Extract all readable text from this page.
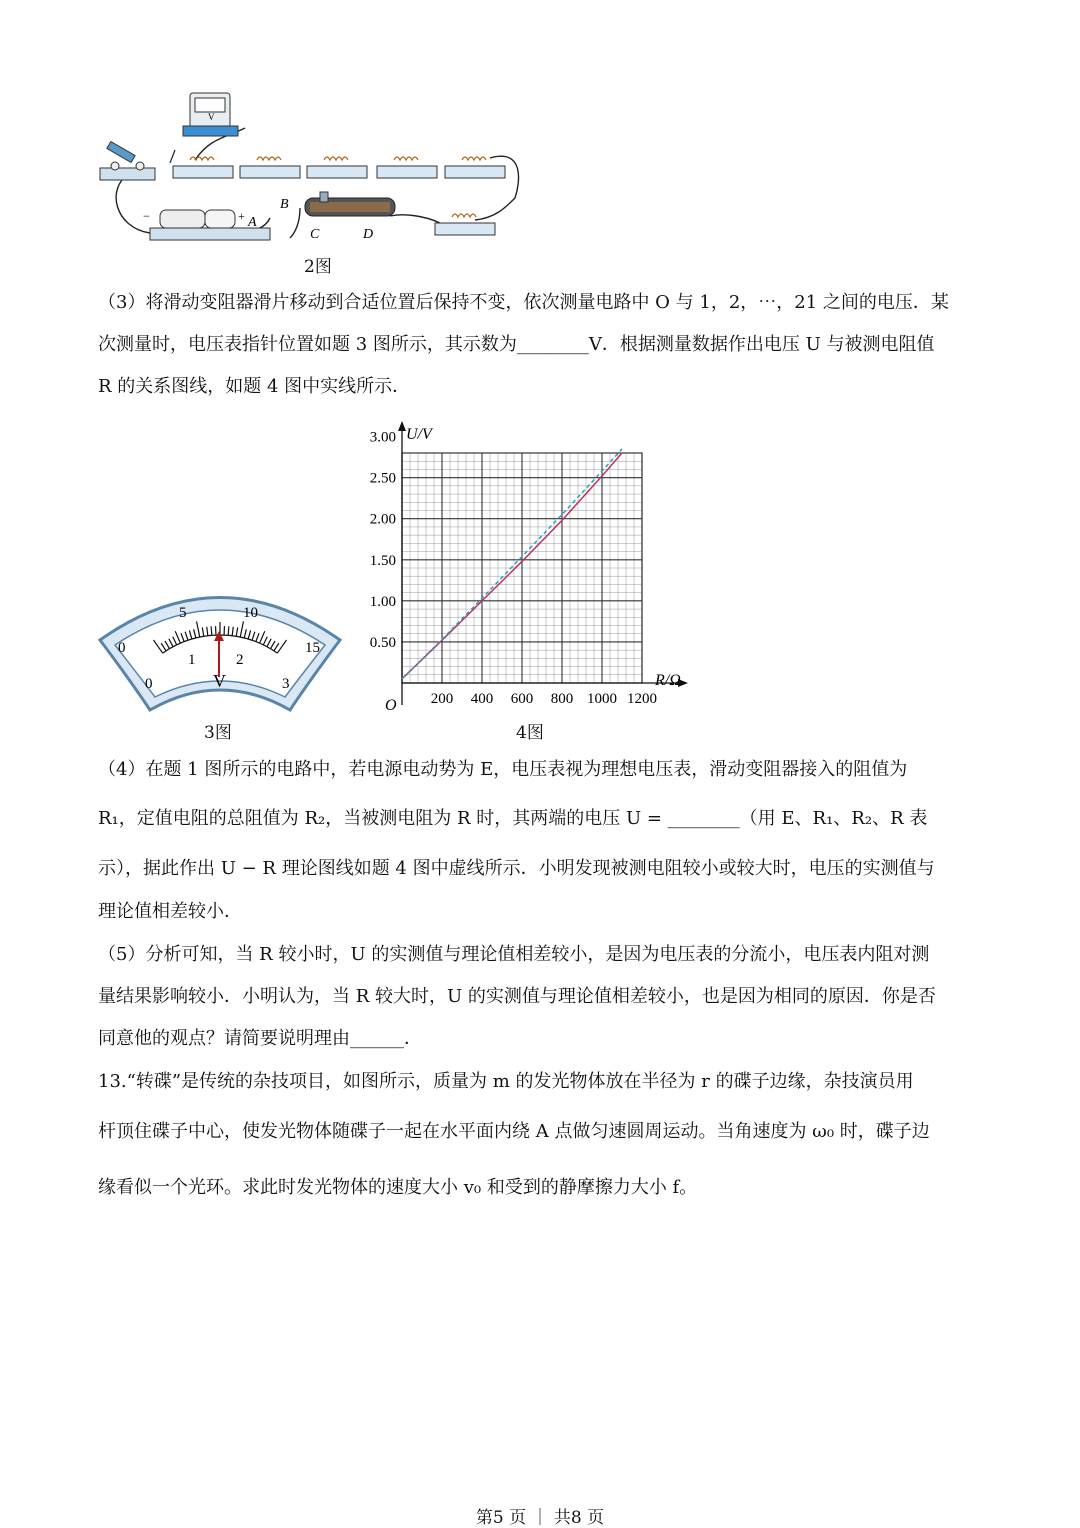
V
−	+ A
B
C	D
2图
（3）将滑动变阻器滑片移动到合适位置后保持不变，依次测量电路中 O 与 1，2，⋯，21 之间的电压．某
次测量时，电压表指针位置如题 3 图所示，其示数为________V．根据测量数据作出电压 U 与被测电阻值
R 的关系图线，如题 4 图中实线所示．
0
5	10
15
0
1	2
3
V
3图
200 400 600 800 1000 1200
0.50
1.00
1.50
2.00
2.50
3.00 U/V
R/Ω
O
4图
（4）在题 1 图所示的电路中，若电源电动势为 E，电压表视为理想电压表，滑动变阻器接入的阻值为
R₁，定值电阻的总阻值为 R₂，当被测电阻为 R 时，其两端的电压 U = ________（用 E、R₁、R₂、R 表
示），据此作出 U − R 理论图线如题 4 图中虚线所示．小明发现被测电阻较小或较大时，电压的实测值与
理论值相差较小．
（5）分析可知，当 R 较小时，U 的实测值与理论值相差较小，是因为电压表的分流小，电压表内阻对测
量结果影响较小．小明认为，当 R 较大时，U 的实测值与理论值相差较小，也是因为相同的原因．你是否
同意他的观点？请简要说明理由______．
13.“转碟”是传统的杂技项目，如图所示，质量为 m 的发光物体放在半径为 r 的碟子边缘，杂技演员用
杆顶住碟子中心，使发光物体随碟子一起在水平面内绕 A 点做匀速圆周运动。当角速度为 ω₀ 时，碟子边
缘看似一个光环。求此时发光物体的速度大小 v₀ 和受到的静摩擦力大小 f。
第5 页 ｜ 共8 页
